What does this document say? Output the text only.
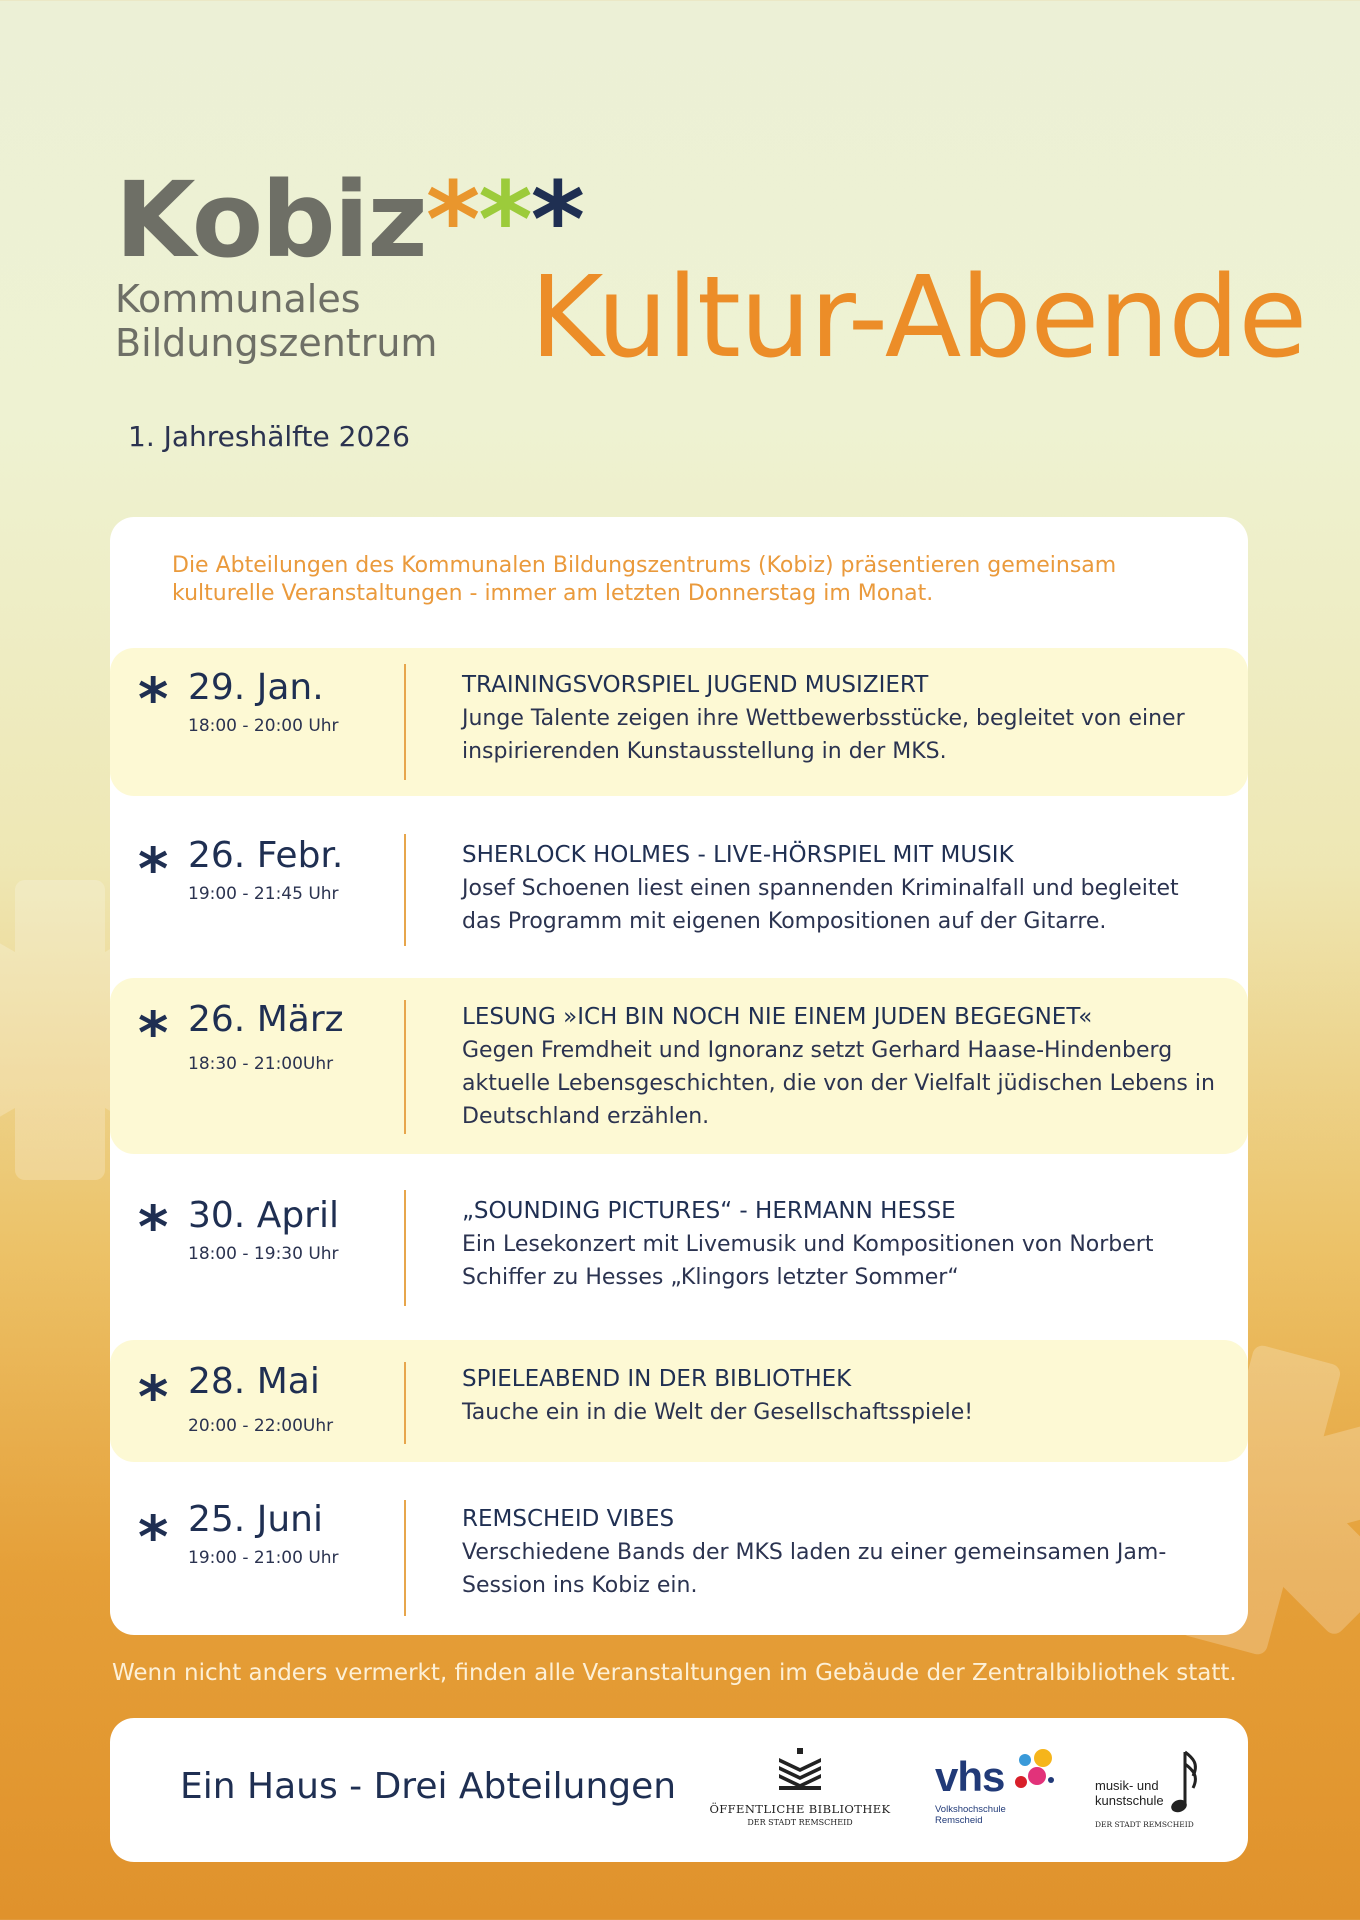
Kobiz***
Kommunales
Bildungszentrum Kultur-Abende
1. Jahreshälfte 2026
Die Abteilungen des Kommunalen Bildungszentrums (Kobiz) präsentieren gemeinsam kulturelle Veranstaltungen - immer am letzten Donnerstag im Monat.
* 29. Jan.
18:00 - 20:00 Uhr
TRAININGSVORSPIEL JUGEND MUSIZIERT
Junge Talente zeigen ihre Wettbewerbsstücke, begleitet von einer inspirierenden Kunstausstellung in der MKS.
* 26. Febr.
19:00 - 21:45 Uhr
SHERLOCK HOLMES - LIVE-HÖRSPIEL MIT MUSIK
Josef Schoenen liest einen spannenden Kriminalfall und begleitet das Programm mit eigenen Kompositionen auf der Gitarre.
* 26. März
18:30 - 21:00Uhr
LESUNG »ICH BIN NOCH NIE EINEM JUDEN BEGEGNET«
Gegen Fremdheit und Ignoranz setzt Gerhard Haase-Hindenberg aktuelle Lebensgeschichten, die von der Vielfalt jüdischen Lebens in Deutschland erzählen.
* 30. April
18:00 - 19:30 Uhr
„SOUNDING PICTURES“ - HERMANN HESSE
Ein Lesekonzert mit Livemusik und Kompositionen von Norbert Schiffer zu Hesses „Klingors letzter Sommer“
* 28. Mai
20:00 - 22:00Uhr
SPIELEABEND IN DER BIBLIOTHEK
Tauche ein in die Welt der Gesellschaftsspiele!
* 25. Juni
19:00 - 21:00 Uhr
REMSCHEID VIBES
Verschiedene Bands der MKS laden zu einer gemeinsamen Jam-Session ins Kobiz ein.
Wenn nicht anders vermerkt, finden alle Veranstaltungen im Gebäude der Zentralbibliothek statt.
Ein Haus - Drei Abteilungen
ÖFFENTLICHE BIBLIOTHEK
DER STADT REMSCHEID
vhs
Volkshochschule
Remscheid
musik- und
kunstschule
DER STADT REMSCHEID
